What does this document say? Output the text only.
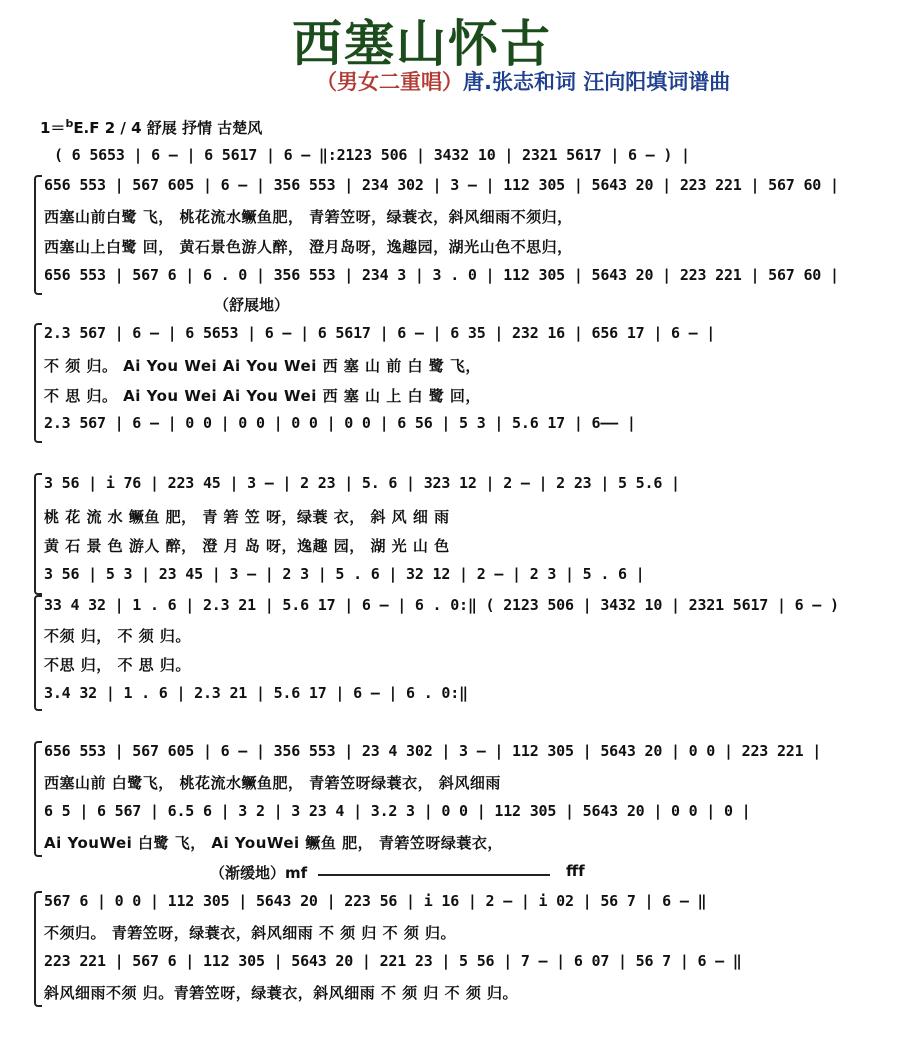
西塞山怀古
（男女二重唱）唐.张志和词 汪向阳填词谱曲
1＝$^b$E.F 2 / 4 舒展 抒情 古楚风
( 6 5653 | 6 — | 6 5617 | 6 — ‖:2123 506 | 3432 10 | 2321 5617 | 6 — ) |
656 553 | 567 605 | 6 — | 356 553 | 234 302 | 3 — | 112 305 | 5643 20 | 223 221 | 567 60 |
西塞山前白鹭 飞， 桃花流水鳜鱼肥， 青箬笠呀，绿蓑衣，斜风细雨不须归，
西塞山上白鹭 回， 黄石景色游人醉， 澄月岛呀，逸趣园，湖光山色不思归，
656 553 | 567 6 | 6 . 0 | 356 553 | 234 3 | 3 . 0 | 112 305 | 5643 20 | 223 221 | 567 60 |
（舒展地）
2.3 567 | 6 — | 6 5653 | 6 — | 6 5617 | 6 — | 6 35 | 232 16 | 656 17 | 6 — |
不 须 归。 Ai You Wei Ai You Wei 西 塞 山 前 白 鹭 飞，
不 思 归。 Ai You Wei Ai You Wei 西 塞 山 上 白 鹭 回，
2.3 567 | 6 — | 0 0 | 0 0 | 0 0 | 0 0 | 6 56 | 5 3 | 5.6 17 | 6—— |
3 56 | i 76 | 223 45 | 3 — | 2 23 | 5. 6 | 323 12 | 2 — | 2 23 | 5 5.6 |
桃 花 流 水 鳜鱼 肥， 青 箬 笠 呀，绿蓑 衣， 斜 风 细 雨
黄 石 景 色 游人 醉， 澄 月 岛 呀，逸趣 园， 湖 光 山 色
3 56 | 5 3 | 23 45 | 3 — | 2 3 | 5 . 6 | 32 12 | 2 — | 2 3 | 5 . 6 |
33 4 32 | 1 . 6 | 2.3 21 | 5.6 17 | 6 — | 6 . 0:‖ ( 2123 506 | 3432 10 | 2321 5617 | 6 — )
不须 归， 不 须 归。
不思 归， 不 思 归。
3.4 32 | 1 . 6 | 2.3 21 | 5.6 17 | 6 — | 6 . 0:‖
656 553 | 567 605 | 6 — | 356 553 | 23 4 302 | 3 — | 112 305 | 5643 20 | 0 0 | 223 221 |
西塞山前 白鹭飞， 桃花流水鳜鱼肥， 青箬笠呀绿蓑衣， 斜风细雨
6 5 | 6 567 | 6.5 6 | 3 2 | 3 23 4 | 3.2 3 | 0 0 | 112 305 | 5643 20 | 0 0 | 0 |
Ai YouWei 白鹭 飞， Ai YouWei 鳜鱼 肥， 青箬笠呀绿蓑衣，
（渐缓地）mf	fff
567 6 | 0 0 | 112 305 | 5643 20 | 223 56 | i 16 | 2 — | i 02 | 56 7 | 6 — ‖
不须归。 青箬笠呀，绿蓑衣，斜风细雨 不 须 归 不 须 归。
223 221 | 567 6 | 112 305 | 5643 20 | 221 23 | 5 56 | 7 — | 6 07 | 56 7 | 6 — ‖
斜风细雨不须 归。青箬笠呀，绿蓑衣，斜风细雨 不 须 归 不 须 归。
